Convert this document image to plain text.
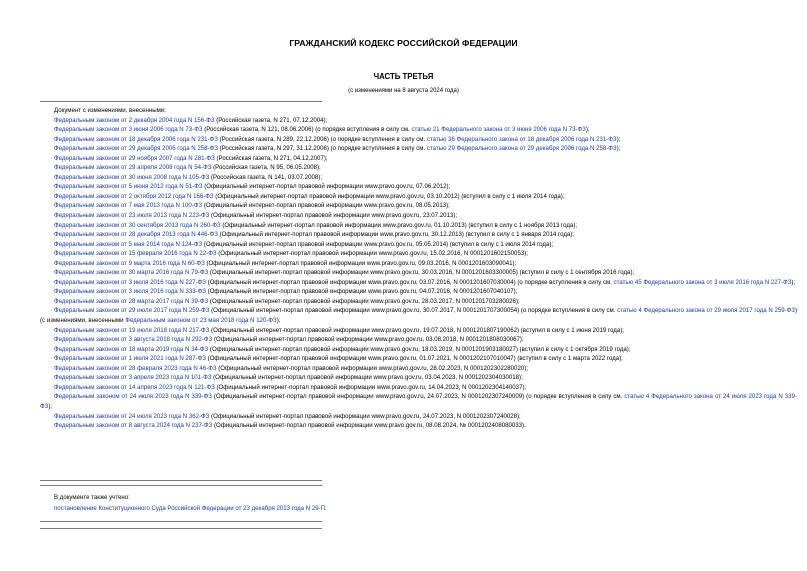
ГРАЖДАНСКИЙ КОДЕКС РОССИЙСКОЙ ФЕДЕРАЦИИ
ЧАСТЬ ТРЕТЬЯ
(с изменениями на 8 августа 2024 года)

Документ с изменениями, внесенными:

Федеральным законом от 2 декабря 2004 года N 156-ФЗ (Российская газета, N 271, 07.12.2004);

Федеральным законом от 3 июня 2006 года N 73-ФЗ (Российская газета, N 121, 08.06.2006) (о порядке вступления в силу см. статью 21 Федерального закона от 3 июня 2006 года N 73-ФЗ);

Федеральным законом от 18 декабря 2006 года N 231-ФЗ (Российская газета, N 289, 22.12.2006) (о порядке вступления в силу см. статью 36 Федерального закона от 18 декабря 2006 года N 231-ФЗ);

Федеральным законом от 29 декабря 2006 года N 258-ФЗ (Российская газета, N 297, 31.12.2006) (о порядке вступления в силу см. статью 29 Федерального закона от 29 декабря 2006 года N 258-ФЗ);

Федеральным законом от 29 ноября 2007 года N 281-ФЗ (Российская газета, N 271, 04.12.2007);

Федеральным законом от 29 апреля 2008 года N 54-ФЗ (Российская газета, N 95, 06.05.2008);

Федеральным законом от 30 июня 2008 года N 105-ФЗ (Российская газета, N 141, 03.07.2008);

Федеральным законом от 5 июня 2012 года N 51-ФЗ (Официальный интернет-портал правовой информации www.pravo.gov.ru, 07.06.2012);

Федеральным законом от 2 октября 2012 года N 166-ФЗ (Официальный интернет-портал правовой информации www.pravo.gov.ru, 03.10.2012) (вступил в силу с 1 июля 2014 года);

Федеральным законом от 7 мая 2013 года N 100-ФЗ (Официальный интернет-портал правовой информации www.pravo.gov.ru, 08.05.2013);

Федеральным законом от 23 июля 2013 года N 223-ФЗ (Официальный интернет-портал правовой информации www.pravo.gov.ru, 23.07.2013);

Федеральным законом от 30 сентября 2013 года N 260-ФЗ (Официальный интернет-портал правовой информации www.pravo.gov.ru, 01.10.2013) (вступил в силу с 1 ноября 2013 года);

Федеральным законом от 28 декабря 2013 года N 446-ФЗ (Официальный интернет-портал правовой информации www.pravo.gov.ru, 30.12.2013) (вступил в силу с 1 января 2014 года);

Федеральным законом от 5 мая 2014 года N 124-ФЗ (Официальный интернет-портал правовой информации www.pravo.gov.ru, 05.05.2014) (вступил в силу с 1 июля 2014 года);

Федеральным законом от 15 февраля 2016 года N 22-ФЗ (Официальный интернет-портал правовой информации www.pravo.gov.ru, 15.02.2016, N 0001201602150053);

Федеральным законом от 9 марта 2016 года N 60-ФЗ (Официальный интернет-портал правовой информации www.pravo.gov.ru, 09.03.2016, N 0001201603090041);

Федеральным законом от 30 марта 2016 года N 79-ФЗ (Официальный интернет-портал правовой информации www.pravo.gov.ru, 30.03.2016, N 0001201603300005) (вступил в силу с 1 сентября 2016 года);

Федеральным законом от 3 июля 2016 года N 227-ФЗ (Официальный интернет-портал правовой информации www.pravo.gov.ru, 03.07.2016, N 0001201607030004) (о порядке вступления в силу см. статью 45 Федерального закона от 3 июля 2016 года N 227-ФЗ);

Федеральным законом от 3 июля 2016 года N 333-ФЗ (Официальный интернет-портал правовой информации www.pravo.gov.ru, 04.07.2016, N 0001201607040107);

Федеральным законом от 28 марта 2017 года N 39-ФЗ (Официальный интернет-портал правовой информации www.pravo.gov.ru, 28.03.2017, N 0001201703280026);

Федеральным законом от 29 июля 2017 года N 259-ФЗ (Официальный интернет-портал правовой информации www.pravo.gov.ru, 30.07.2017, N 0001201707300054) (о порядке вступления в силу см. статью 4 Федерального закона от 29 июля 2017 года N 259-ФЗ) (с изменениями, внесенными Федеральным законом от 23 мая 2018 года N 120-ФЗ);

Федеральным законом от 19 июля 2018 года N 217-ФЗ (Официальный интернет-портал правовой информации www.pravo.gov.ru, 19.07.2018, N 0001201807190062) (вступил в силу с 1 июня 2019 года);

Федеральным законом от 3 августа 2018 года N 292-ФЗ (Официальный интернет-портал правовой информации www.pravo.gov.ru, 03.08.2018, N 0001201808030067);

Федеральным законом от 18 марта 2019 года N 34-ФЗ (Официальный интернет-портал правовой информации www.pravo.gov.ru, 18.03.2019, N 0001201903180027) (вступил в силу с 1 октября 2019 года);

Федеральным законом от 1 июля 2021 года N 287-ФЗ (Официальный интернет-портал правовой информации www.pravo.gov.ru, 01.07.2021, N 0001202107010047) (вступил в силу с 1 марта 2022 года);

Федеральным законом от 28 февраля 2023 года N 46-ФЗ (Официальный интернет-портал правовой информации www.pravo.gov.ru, 28.02.2023, N 0001202302280020);

Федеральным законом от 3 апреля 2023 года N 101-ФЗ (Официальный интернет-портал правовой информации www.pravo.gov.ru, 03.04.2023, N 0001202304030018);

Федеральным законом от 14 апреля 2023 года N 121-ФЗ (Официальный интернет-портал правовой информации www.pravo.gov.ru, 14.04.2023, N 0001202304140037);

Федеральным законом от 24 июля 2023 года N 339-ФЗ (Официальный интернет-портал правовой информации www.pravo.gov.ru, 24.07.2023, N 0001202307240009) (о порядке вступления в силу см. статью 4 Федерального закона от 24 июля 2023 года N 339-ФЗ);

Федеральным законом от 24 июля 2023 года N 362-ФЗ (Официальный интернет-портал правовой информации www.pravo.gov.ru, 24.07.2023, N 0001202307240028);

Федеральным законом от 8 августа 2024 года N 237-ФЗ (Официальный интернет-портал правовой информации www.pravo.gov.ru, 08.08.2024, № 0001202408080033).

В документе также учтено:

постановление Конституционного Суда Российской Федерации от 23 декабря 2013 года N 29-П.
